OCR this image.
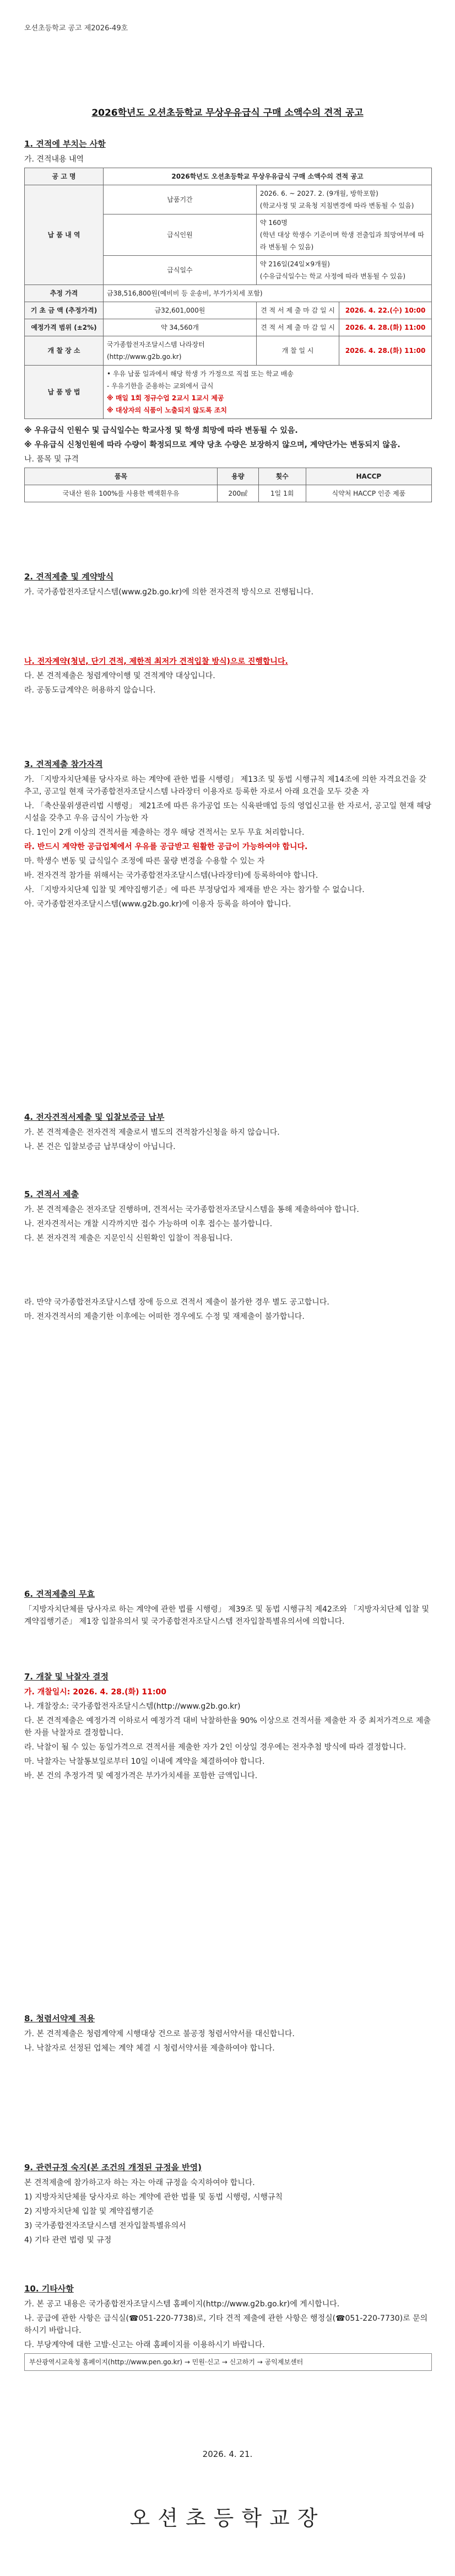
오션초등학교 공고 제2026-49호
2026학년도 오션초등학교 무상우유급식 구매 소액수의 견적 공고
1. 견적에 부치는 사항

가. 견적내용 내역

공 고 명	2026학년도 오션초등학교 무상우유급식 구매 소액수의 견적 공고		
납 품 내 역	납품기간	2026. 6. ~ 2027. 2. (9개월, 방학포함)
(학교사정 및 교육청 지침변경에 따라 변동될 수 있음)	

	급식인원	약 160명
(학년 대상 학생수 기준이며 학생 전출입과 희망여부에 따라 변동될 수 있음)	

	급식일수	약 216일(24일×9개월)
(수유급식일수는 학교 사정에 따라 변동될 수 있음)	

추정 가격	금38,516,800원(예비비 등 운송비, 부가가치세 포함)		
기 초 금 액 (추정가격)	금32,601,000원	견 적 서 제 출 마 감 일 시	2026. 4. 22.(수) 10:00
예정가격 범위 (±2%)	약 34,560개	견 적 서 제 출 마 감 일 시	2026. 4. 28.(화) 11:00
개 찰 장 소	국가종합전자조달시스템 나라장터(http://www.g2b.go.kr)	개 찰 일 시	2026. 4. 28.(화) 11:00
납 품 방 법	• 우유 납품 일과에서 해당 학생 가 가정으로 직접 또는 학교 배송
- 우유기한을 준용하는 교외에서 급식
※ 매일 1회 정규수업 2교시 1교시 제공
※ 대상자의 식품이 노출되지 않도록 조치		

※ 우유급식 인원수 및 급식일수는 학교사정 및 학생 희망에 따라 변동될 수 있음.

※ 우유급식 신청인원에 따라 수량이 확정되므로 계약 당초 수량은 보장하지 않으며, 계약단가는 변동되지 않음.

나. 품목 및 규격

품목	용량	횟수	HACCP
국내산 원유 100%를 사용한 백색흰우유	200㎖	1일 1회	식약처 HACCP 인증 제품
2. 견적제출 및 계약방식

가. 국가종합전자조달시스템(www.g2b.go.kr)에 의한 전자견적 방식으로 진행됩니다.

나. 전자계약(청년, 단기 견적, 제한적 최저가 견적입찰 방식)으로 진행합니다.

다. 본 견적제출은 청렴계약이행 및 견적계약 대상입니다.

라. 공동도급계약은 허용하지 않습니다.

3. 견적제출 참가자격

가. 「지방자치단체를 당사자로 하는 계약에 관한 법률 시행령」 제13조 및 동법 시행규칙 제14조에 의한 자격요건을 갖추고, 공고일 현재 국가종합전자조달시스템 나라장터 이용자로 등록한 자로서 아래 요건을 모두 갖춘 자

나. 「축산물위생관리법 시행령」 제21조에 따른 유가공업 또는 식육판매업 등의 영업신고를 한 자로서, 공고일 현재 해당 시설을 갖추고 우유 급식이 가능한 자

다. 1인이 2개 이상의 견적서를 제출하는 경우 해당 견적서는 모두 무효 처리합니다.

라. 반드시 계약한 공급업체에서 우유를 공급받고 원활한 공급이 가능하여야 합니다.

마. 학생수 변동 및 급식일수 조정에 따른 물량 변경을 수용할 수 있는 자

바. 전자견적 참가를 위해서는 국가종합전자조달시스템(나라장터)에 등록하여야 합니다.

사. 「지방자치단체 입찰 및 계약집행기준」에 따른 부정당업자 제재를 받은 자는 참가할 수 없습니다.

아. 국가종합전자조달시스템(www.g2b.go.kr)에 이용자 등록을 하여야 합니다.

4. 전자견적서제출 및 입찰보증금 납부

가. 본 견적제출은 전자견적 제출로서 별도의 견적참가신청을 하지 않습니다.

나. 본 건은 입찰보증금 납부대상이 아닙니다.

5. 견적서 제출

가. 본 견적제출은 전자조달 진행하며, 견적서는 국가종합전자조달시스템을 통해 제출하여야 합니다.

나. 전자견적서는 개찰 시각까지만 접수 가능하며 이후 접수는 불가합니다.

다. 본 전자견적 제출은 지문인식 신원확인 입찰이 적용됩니다.

라. 만약 국가종합전자조달시스템 장애 등으로 견적서 제출이 불가한 경우 별도 공고합니다.

마. 전자견적서의 제출기한 이후에는 어떠한 경우에도 수정 및 재제출이 불가합니다.

6. 견적제출의 무효

「지방자치단체를 당사자로 하는 계약에 관한 법률 시행령」 제39조 및 동법 시행규칙 제42조와 「지방자치단체 입찰 및 계약집행기준」 제1장 입찰유의서 및 국가종합전자조달시스템 전자입찰특별유의서에 의합니다.

7. 개찰 및 낙찰자 결정

가. 개찰일시: 2026. 4. 28.(화) 11:00

나. 개찰장소: 국가종합전자조달시스템(http://www.g2b.go.kr)

다. 본 견적제출은 예정가격 이하로서 예정가격 대비 낙찰하한율 90% 이상으로 견적서를 제출한 자 중 최저가격으로 제출한 자를 낙찰자로 결정합니다.

라. 낙찰이 될 수 있는 동일가격으로 견적서를 제출한 자가 2인 이상일 경우에는 전자추첨 방식에 따라 결정합니다.

마. 낙찰자는 낙찰통보일로부터 10일 이내에 계약을 체결하여야 합니다.

바. 본 건의 추정가격 및 예정가격은 부가가치세를 포함한 금액입니다.

8. 청렴서약제 적용

가. 본 견적제출은 청렴계약제 시행대상 건으로 불공정 청렴서약서를 대신합니다.

나. 낙찰자로 선정된 업체는 계약 체결 시 청렴서약서를 제출하여야 합니다.

9. 관련규정 숙지(본 조건의 개정된 규정을 반영)

본 견적제출에 참가하고자 하는 자는 아래 규정을 숙지하여야 합니다.

1) 지방자치단체를 당사자로 하는 계약에 관한 법률 및 동법 시행령, 시행규칙

2) 지방자치단체 입찰 및 계약집행기준

3) 국가종합전자조달시스템 전자입찰특별유의서

4) 기타 관련 법령 및 규정

10. 기타사항

가. 본 공고 내용은 국가종합전자조달시스템 홈페이지(http://www.g2b.go.kr)에 게시합니다.

나. 공급에 관한 사항은 급식실(☎051-220-7738)로, 기타 견적 제출에 관한 사항은 행정실(☎051-220-7730)로 문의하시기 바랍니다.

다. 부당계약에 대한 고발·신고는 아래 홈페이지를 이용하시기 바랍니다.

부산광역시교육청 홈페이지(http://www.pen.go.kr) → 민원·신고 → 신고하기 → 공익제보센터
2026. 4. 21.
오션초등학교장
